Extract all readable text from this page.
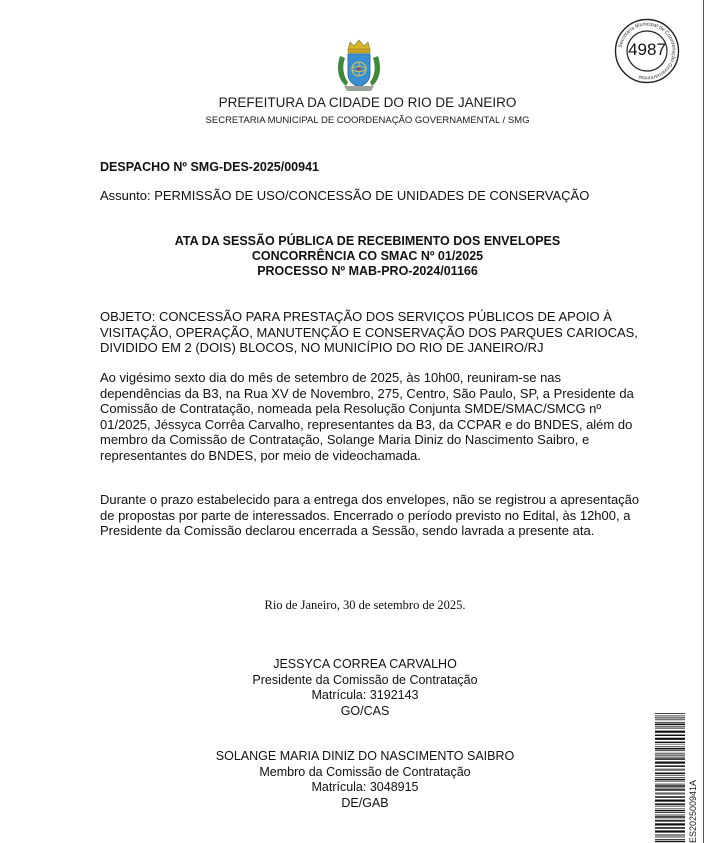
Secretaria Municipal de Coordenação Governamental
4987
PREFEITURA DA CIDADE DO RIO DE JANEIRO
SECRETARIA MUNICIPAL DE COORDENAÇÃO GOVERNAMENTAL / SMG
DESPACHO Nº SMG-DES-2025/00941
Assunto: PERMISSÃO DE USO/CONCESSÃO DE UNIDADES DE CONSERVAÇÃO
ATA DA SESSÃO PÚBLICA DE RECEBIMENTO DOS ENVELOPES
CONCORRÊNCIA CO SMAC Nº 01/2025
PROCESSO Nº MAB-PRO-2024/01166
OBJETO: CONCESSÃO PARA PRESTAÇÃO DOS SERVIÇOS PÚBLICOS DE APOIO À VISITAÇÃO, OPERAÇÃO, MANUTENÇÃO E CONSERVAÇÃO DOS PARQUES CARIOCAS, DIVIDIDO EM 2 (DOIS) BLOCOS, NO MUNICÍPIO DO RIO DE JANEIRO/RJ
Ao vigésimo sexto dia do mês de setembro de 2025, às 10h00, reuniram-se nas dependências da B3, na Rua XV de Novembro, 275, Centro, São Paulo, SP, a Presidente da Comissão de Contratação, nomeada pela Resolução Conjunta SMDE/SMAC/SMCG nº 01/2025, Jéssyca Corrêa Carvalho, representantes da B3, da CCPAR e do BNDES, além do membro da Comissão de Contratação, Solange Maria Diniz do Nascimento Saibro, e representantes do BNDES, por meio de videochamada.
Durante o prazo estabelecido para a entrega dos envelopes, não se registrou a apresentação de propostas por parte de interessados. Encerrado o período previsto no Edital, às 12h00, a Presidente da Comissão declarou encerrada a Sessão, sendo lavrada a presente ata.
Rio de Janeiro, 30 de setembro de 2025.
JESSYCA CORREA CARVALHO
Presidente da Comissão de Contratação
Matrícula: 3192143
GO/CAS
SOLANGE MARIA DINIZ DO NASCIMENTO SAIBRO
Membro da Comissão de Contratação
Matrícula: 3048915
DE/GAB	ES202500941A
